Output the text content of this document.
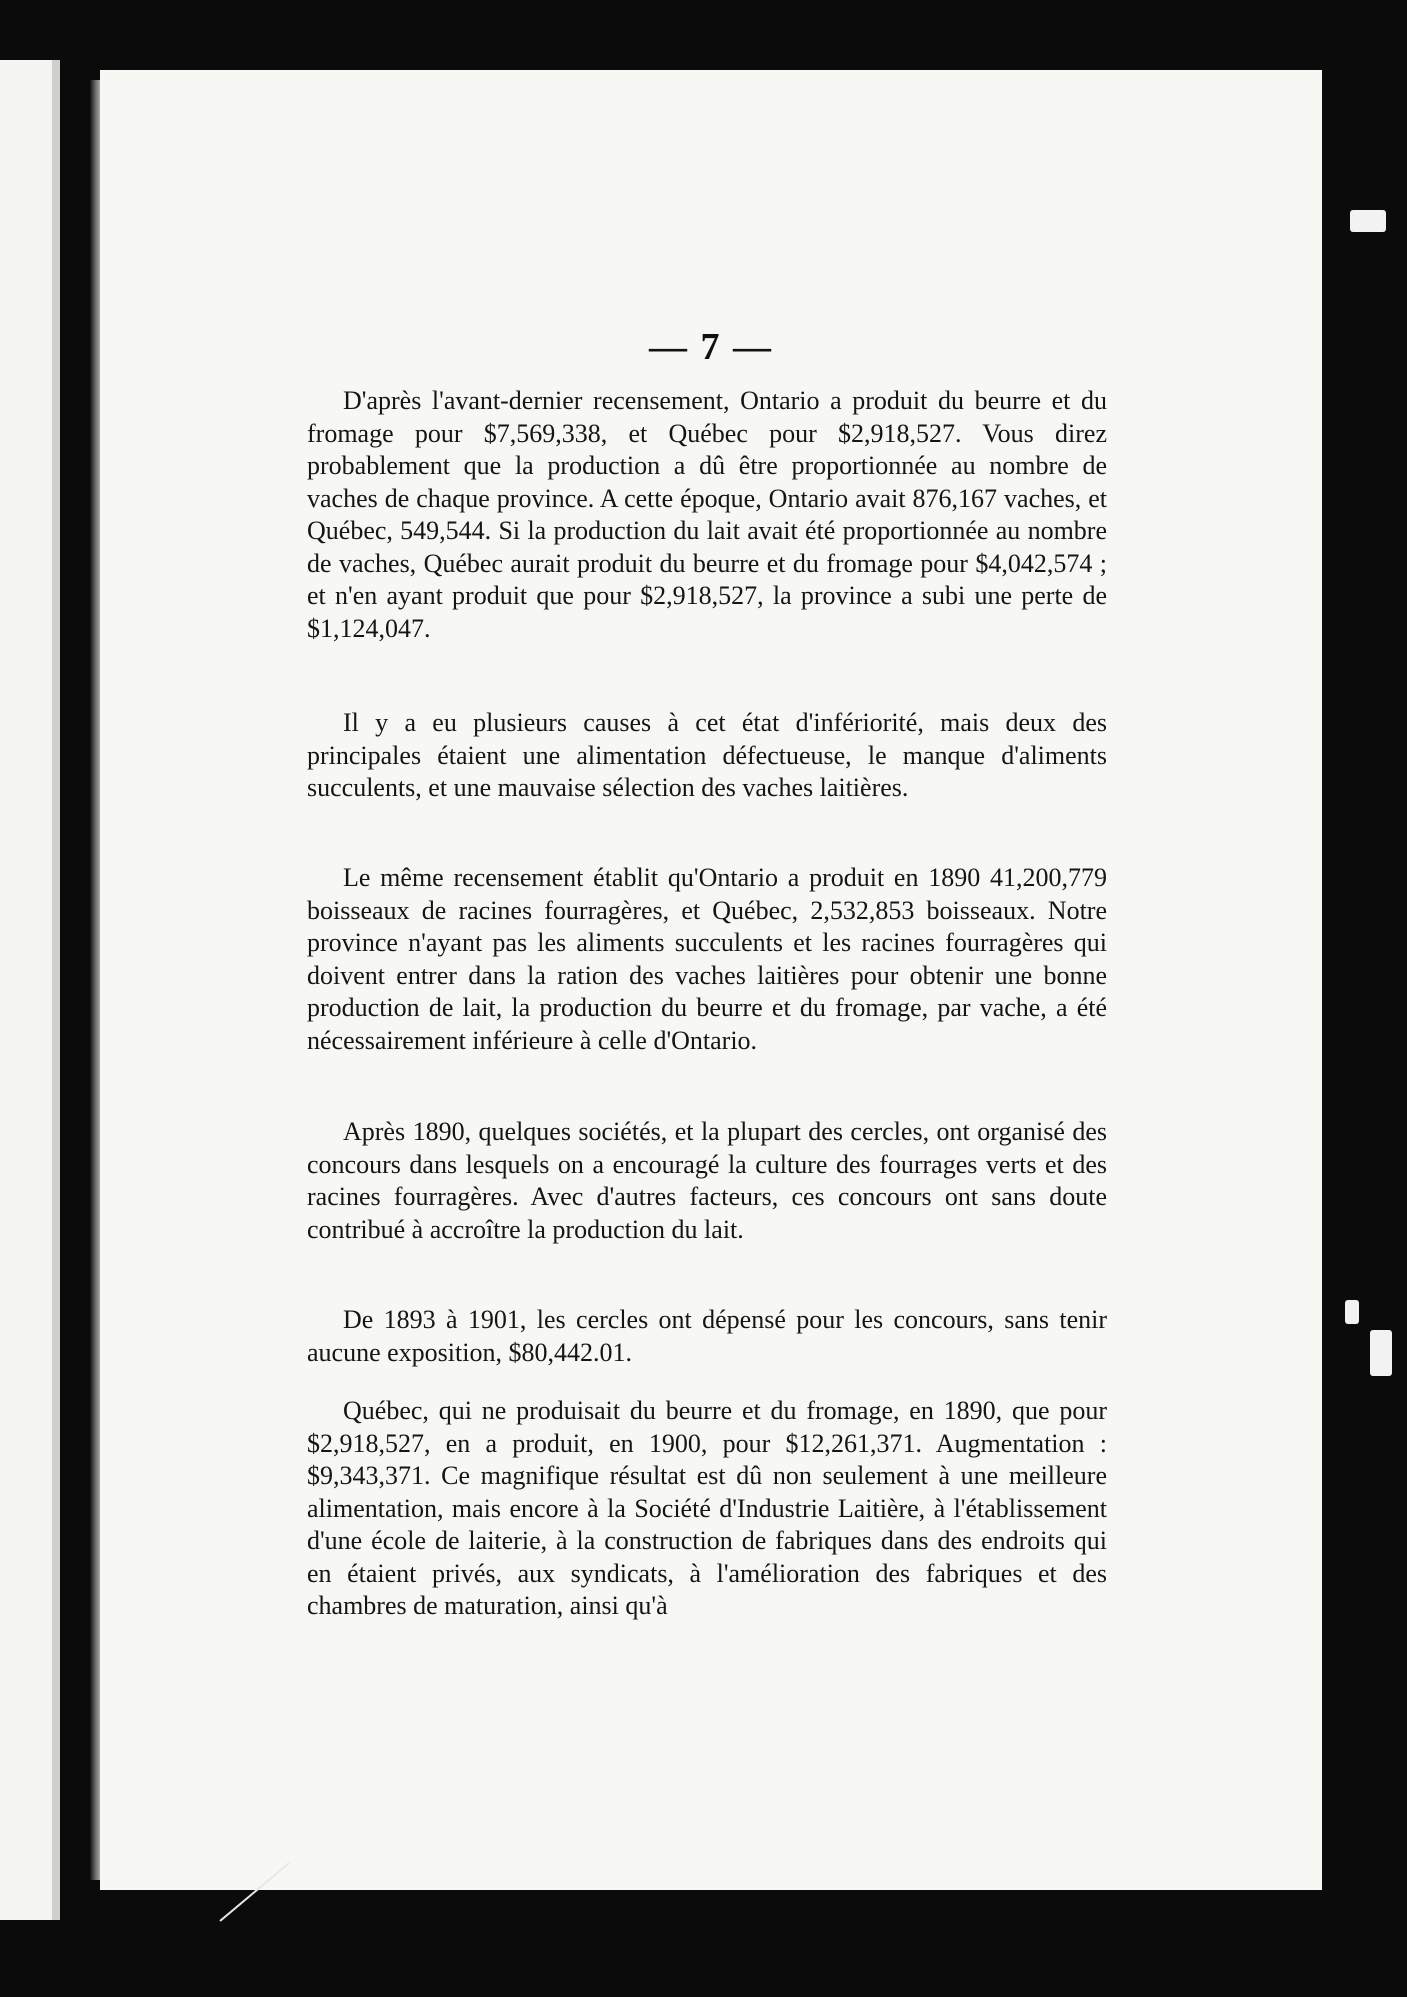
— 7 —

D'après l'avant-dernier recensement, Ontario a produit du beurre et du fromage pour $7,569,338, et Québec pour $2,918,527. Vous direz probablement que la production a dû être proportionnée au nombre de vaches de chaque province. A cette époque, Ontario avait 876,167 vaches, et Québec, 549,544. Si la production du lait avait été proportionnée au nombre de vaches, Québec aurait produit du beurre et du fromage pour $4,042,574 ; et n'en ayant produit que pour $2,918,527, la province a subi une perte de $1,124,047.

Il y a eu plusieurs causes à cet état d'infériorité, mais deux des principales étaient une alimentation défectueuse, le manque d'aliments succulents, et une mauvaise sélection des vaches laitières.

Le même recensement établit qu'Ontario a produit en 1890 41,200,779 boisseaux de racines fourragères, et Québec, 2,532,853 boisseaux. Notre province n'ayant pas les aliments succulents et les racines fourragères qui doivent entrer dans la ration des vaches laitières pour obtenir une bonne production de lait, la production du beurre et du fromage, par vache, a été nécessairement inférieure à celle d'Ontario.

Après 1890, quelques sociétés, et la plupart des cercles, ont organisé des concours dans lesquels on a encouragé la culture des fourrages verts et des racines fourragères. Avec d'autres facteurs, ces concours ont sans doute contribué à accroître la production du lait.

De 1893 à 1901, les cercles ont dépensé pour les concours, sans tenir aucune exposition, $80,442.01.

Québec, qui ne produisait du beurre et du fromage, en 1890, que pour $2,918,527, en a produit, en 1900, pour $12,261,371. Augmentation : $9,343,371. Ce magnifique résultat est dû non seulement à une meilleure alimentation, mais encore à la Société d'Industrie Laitière, à l'établissement d'une école de laiterie, à la construction de fabriques dans des endroits qui en étaient privés, aux syndicats, à l'amélioration des fabriques et des chambres de maturation, ainsi qu'à
